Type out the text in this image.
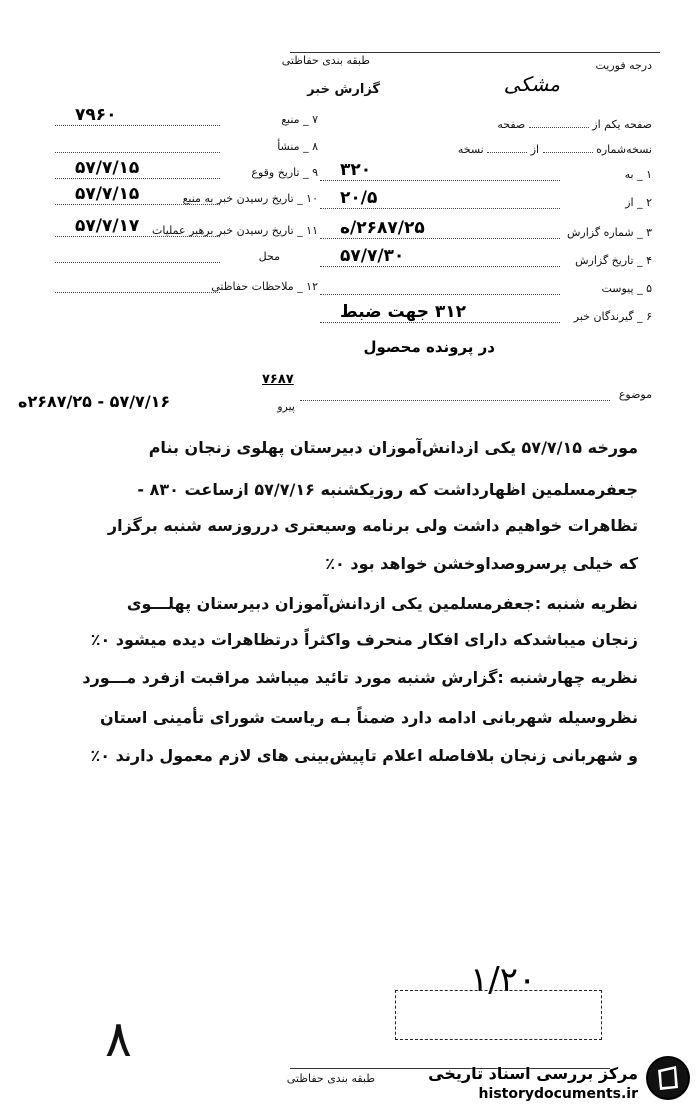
درجه فوریت
طبقه بندی حفاظتی
گزارش خبر	مشکی
صفحه یکم از  صفحه
نسخه‌شماره  از  نسخه
۷ _ منبع
۷۹۶۰
۸ _ منشأ
۹ _ تاریخ وقوع
۵۷/۷/۱۵
۱۰ _ تاریخ رسیدن خبر به منبع
۵۷/۷/۱۵
۱۱ _ تاریخ رسیدن خبر برهبر عملیات
۵۷/۷/۱۷
محل
۱۲ _ ملاحظات حفاظتی
۱ _ به
۳۲۰
۲ _ از
۲۰/۵
۳ _ شماره گزارش
۲۶۸۷/۲۵/ه
۴ _ تاریخ گزارش
۵۷/۷/۳۰
۵ _ پیوست
۶ _ گیرندگان خبر
۳۱۲ جهت ضبط
در پرونده محصول
موضوع
پیرو
۵۷/۷/۱۶ - ۲۶۸۷/۲۵ه
۷۶۸۷
مورخه ۵۷/۷/۱۵ یکی ازدانش‌آموزان دبیرستان پهلوی زنجان بنام
جعفرمسلمین اظهارداشت که روزیکشنبه ۵۷/۷/۱۶ ازساعت ۸۳۰ -
تظاهرات خواهیم داشت ولی برنامه وسیعتری درروزسه شنبه برگزار
که خیلی پرسروصداوخشن خواهد بود ۰٪
نظریه شنبه :جعفرمسلمین یکی ازدانش‌آموزان دبیرستان پهلـــوی
زنجان میباشدکه دارای افکار منحرف واکثراً درتظاهرات دیده میشود ۰٪
نظریه چهارشنبه :گزارش شنبه مورد تائید میباشد مراقبت ازفرد مـــورد
نظروسیله شهربانی ادامه دارد ضمناً بـه ریاست شورای تأمینی استان
و شهربانی زنجان بلافاصله اعلام تاپیش‌بینی های لازم معمول دارند ۰٪
۱/۲۰
۸
طبقه بندی حفاظتی	مرکز بررسی اسناد تاریخی
historydocuments.ir
